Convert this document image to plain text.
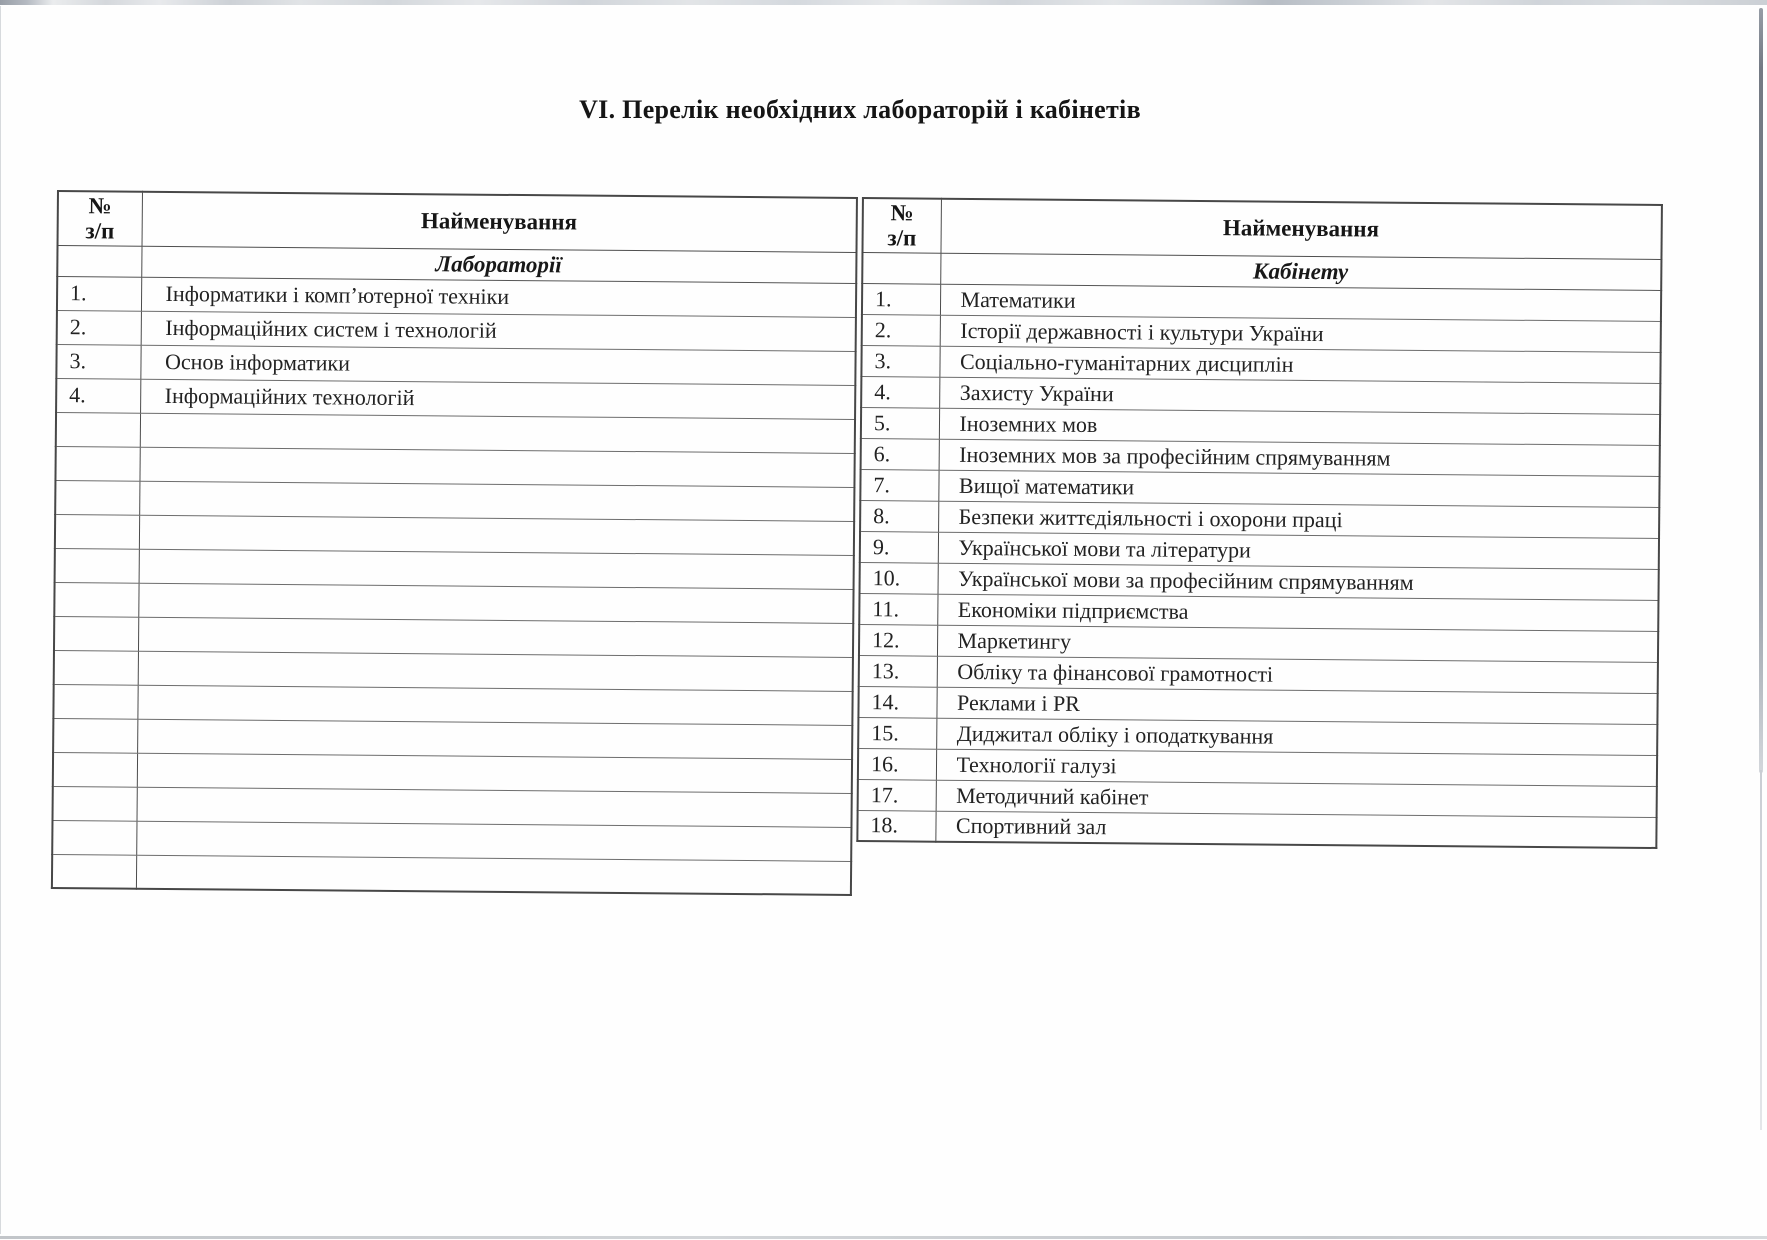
VI. Перелік необхідних лабораторій і кабінетів
№
з/п	Найменування
	Лабораторії
1.	Інформатики і комп’ютерної техніки
2.	Інформаційних систем і технологій
3.	Основ інформатики
4.	Інформаційних технологій

№
з/п	Найменування
	Кабінету
1.	Математики
2.	Історії державності і культури України
3.	Соціально-гуманітарних дисциплін
4.	Захисту України
5.	Іноземних мов
6.	Іноземних мов за професійним спрямуванням
7.	Вищої математики
8.	Безпеки життєдіяльності і охорони праці
9.	Української мови та літератури
10.	Української мови за професійним спрямуванням
11.	Економіки підприємства
12.	Маркетингу
13.	Обліку та фінансової грамотності
14.	Реклами і PR
15.	Диджитал обліку і оподаткування
16.	Технології галузі
17.	Методичний кабінет
18.	Спортивний зал
